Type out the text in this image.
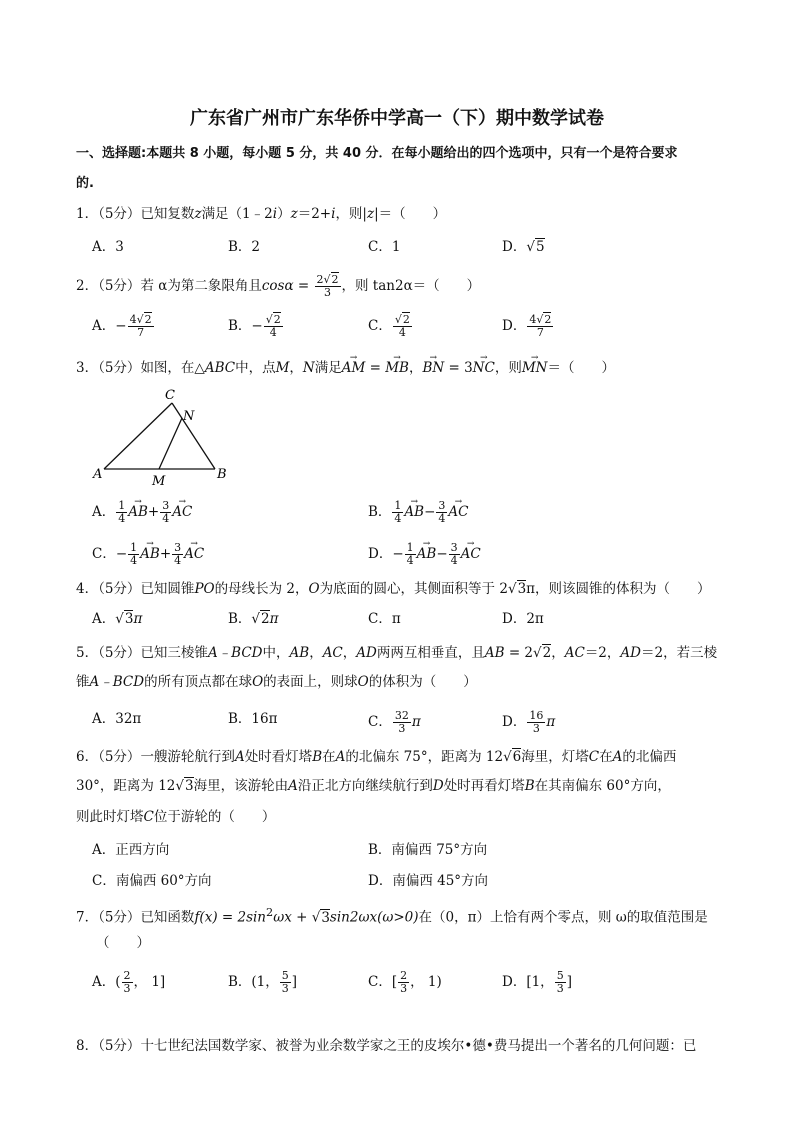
广东省广州市广东华侨中学高一（下）期中数学试卷
一、选择题:本题共 8 小题，每小题 5 分，共 40 分．在每小题给出的四个选项中，只有一个是符合要求
的.
1．（5分）已知复数z满足（1﹣2i）z＝2+i，则|z|＝（　　）
A．3	B．2	C．1	D．√5
2．（5分）若 α为第二象限角且$\cos\alpha = \frac{2√2}{3}$ ，则 tan2α＝（　　）
A．− $\frac{4√2}{7}$	B．− $\frac{√2}{4}$	C． $\frac{√2}{4}$	D． $\frac{4√2}{7}$
3．（5分）如图，在△ABC中，点M，N满足→ AM = → MB，→ BN = 3→ NC，则→ MN＝（　　）
C
N
A	M	B
A． $\frac{1}{4}$
→ $AB+ \frac{3}{4}$
→ AC	B． $\frac{1}{4}$
→ $AB- \frac{3}{4}$
→ AC
C．− $\frac{1}{4}$
→ $AB+ \frac{3}{4}$
→ AC	D．− $\frac{1}{4}$
→ $AB- \frac{3}{4}$
→ AC
4．（5分）已知圆锥PO的母线长为 2，O为底面的圆心，其侧面积等于 2√3π，则该圆锥的体积为（　　）
A．√3π	B．√2π	C．π	D．2π
5．（5分）已知三棱锥A﹣BCD中，AB，AC，AD两两互相垂直，且AB = 2√2，AC＝2，AD＝2，若三棱
锥A﹣BCD的所有顶点都在球O的表面上，则球O的体积为（　　）
A．32π	B．16π	C． $\frac{32}{3}$ π	D． $\frac{16}{3}$ π
6．（5分）一艘游轮航行到A处时看灯塔B在A的北偏东 75°，距离为 12√6海里，灯塔C在A的北偏西
30°，距离为 12√3海里，该游轮由A沿正北方向继续航行到D处时再看灯塔B在其南偏东 60°方向，
则此时灯塔C位于游轮的（　　）
A．正西方向	B．南偏西 75°方向
C．南偏西 60°方向	D．南偏西 45°方向
7．（5分）已知函数$f(x) = 2\sin^2\omega x + √3\sin 2\omega x(\omega>0)$在（0，π）上恰有两个零点，则 ω的取值范围是
（　　）
A．( $\frac{2}{3}$ ， 1]	B．(1， $\frac{5}{3}$ ]	C．[ $\frac{2}{3}$ ， 1)	D．[1， $\frac{5}{3}$ ]
8．（5分）十七世纪法国数学家、被誉为业余数学家之王的皮埃尔•德•费马提出一个著名的几何问题：已
